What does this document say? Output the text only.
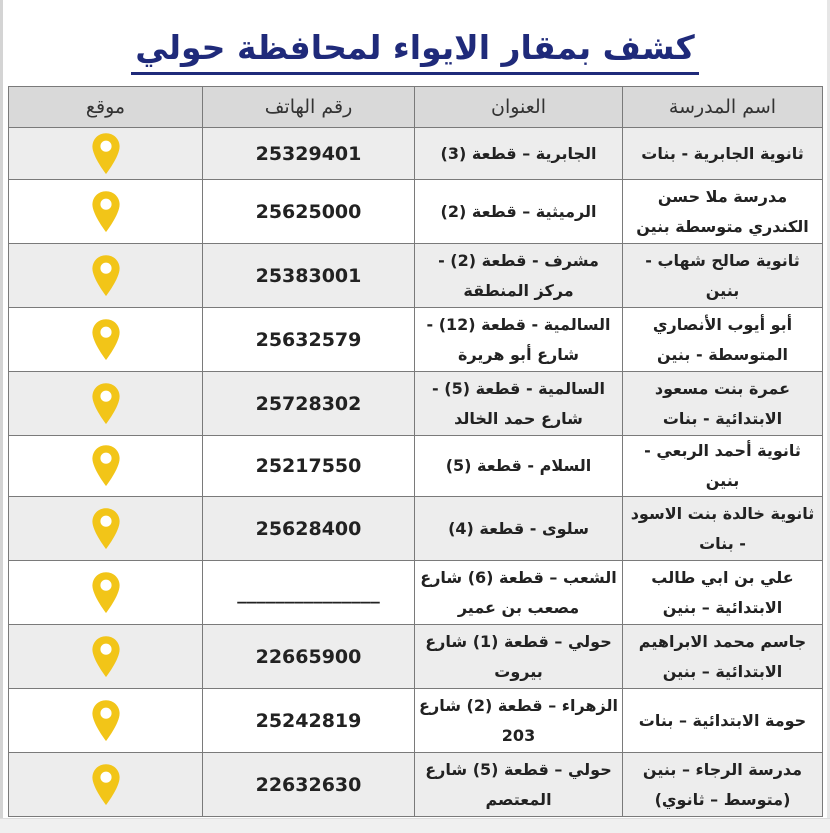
كشف بمقار الايواء لمحافظة حولي
اسم المدرسة	العنوان	رقم الهاتف	موقع
ثانوية الجابرية - بنات	الجابرية – قطعة (3)	25329401	

مدرسة ملا حسن الكندري متوسطة بنين	الرميثية – قطعة (2)	25625000	

ثانوية صالح شهاب - بنين	مشرف - قطعة (2) - مركز المنطقة	25383001	

أبو أيوب الأنصاري المتوسطة - بنين	السالمية - قطعة (12) - شارع أبو هريرة	25632579	

عمرة بنت مسعود الابتدائية - بنات	السالمية - قطعة (5) - شارع حمد الخالد	25728302	

ثانوية أحمد الربعي - بنين	السلام - قطعة (5)	25217550	

ثانوية خالدة بنت الاسود - بنات	سلوى - قطعة (4)	25628400	

علي بن ابي طالب الابتدائية – بنين	الشعب – قطعة (6) شارع مصعب بن عمير	_______________	

جاسم محمد الابراهيم الابتدائية – بنين	حولي – قطعة (1) شارع بيروت	22665900	

حومة الابتدائية – بنات	الزهراء – قطعة (2) شارع 203	25242819	

مدرسة الرجاء – بنين (متوسط – ثانوي)	حولي – قطعة (5) شارع المعتصم	22632630	
